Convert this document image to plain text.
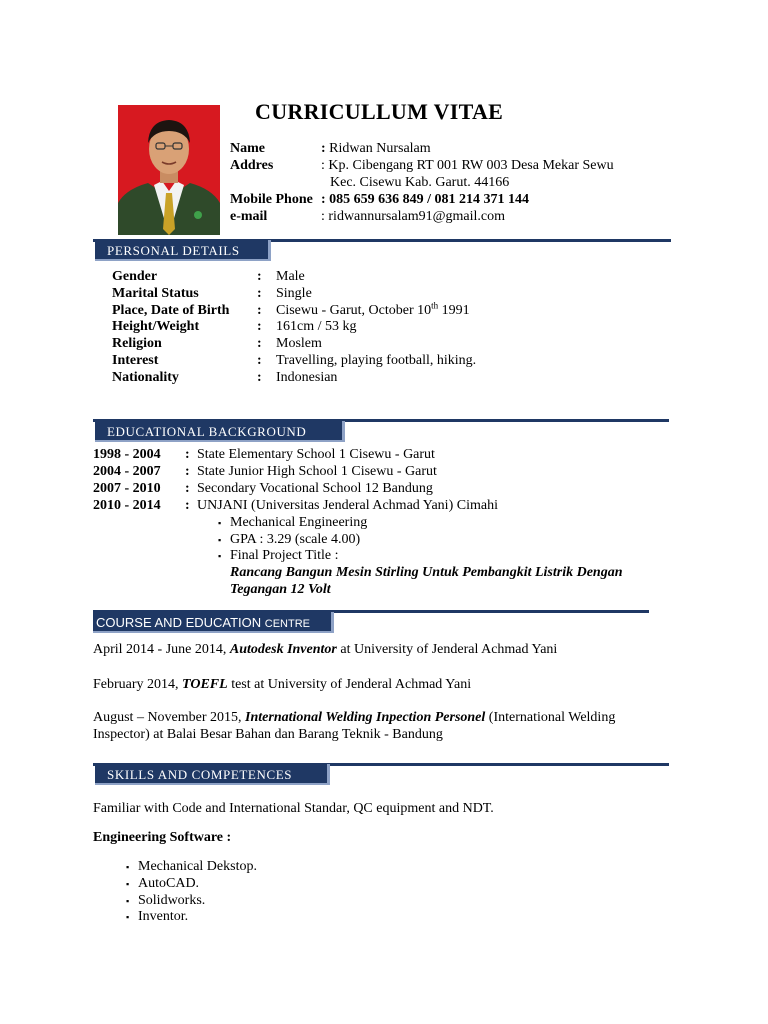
CURRICULLUM VITAE
Name	: Ridwan Nursalam
Addres	: Kp. Cibengang RT 001 RW 003 Desa Mekar Sewu
Kec. Cisewu Kab. Garut. 44166
Mobile Phone : 085 659 636 849 / 081 214 371 144
e-mail	: ridwannursalam91@gmail.com
PERSONAL DETAILS
Gender	: Male
Marital Status	: Single
Place, Date of Birth : Cisewu - Garut, October 10th 1991
Height/Weight	: 161cm / 53 kg
Religion	: Moslem
Interest	: Travelling, playing football, hiking.
Nationality	: Indonesian
EDUCATIONAL BACKGROUND
1998 - 2004 : State Elementary School 1 Cisewu - Garut
2004 - 2007 : State Junior High School 1 Cisewu - Garut
2007 - 2010 : Secondary Vocational School 12 Bandung
2010 - 2014 : UNJANI (Universitas Jenderal Achmad Yani) Cimahi
▪ Mechanical Engineering
▪ GPA : 3.29 (scale 4.00)
▪ Final Project Title :
Rancang Bangun Mesin Stirling Untuk Pembangkit Listrik Dengan
Tegangan 12 Volt
COURSE AND EDUCATION CENTRE
April 2014 - June 2014, Autodesk Inventor at University of Jenderal Achmad Yani
February 2014, TOEFL test at University of Jenderal Achmad Yani
August – November 2015, International Welding Inpection Personel (International Welding
Inspector) at Balai Besar Bahan dan Barang Teknik - Bandung
SKILLS AND COMPETENCES
Familiar with Code and International Standar, QC equipment and NDT.
Engineering Software :
▪ Mechanical Dekstop.
▪ AutoCAD.
▪ Solidworks.
▪ Inventor.
